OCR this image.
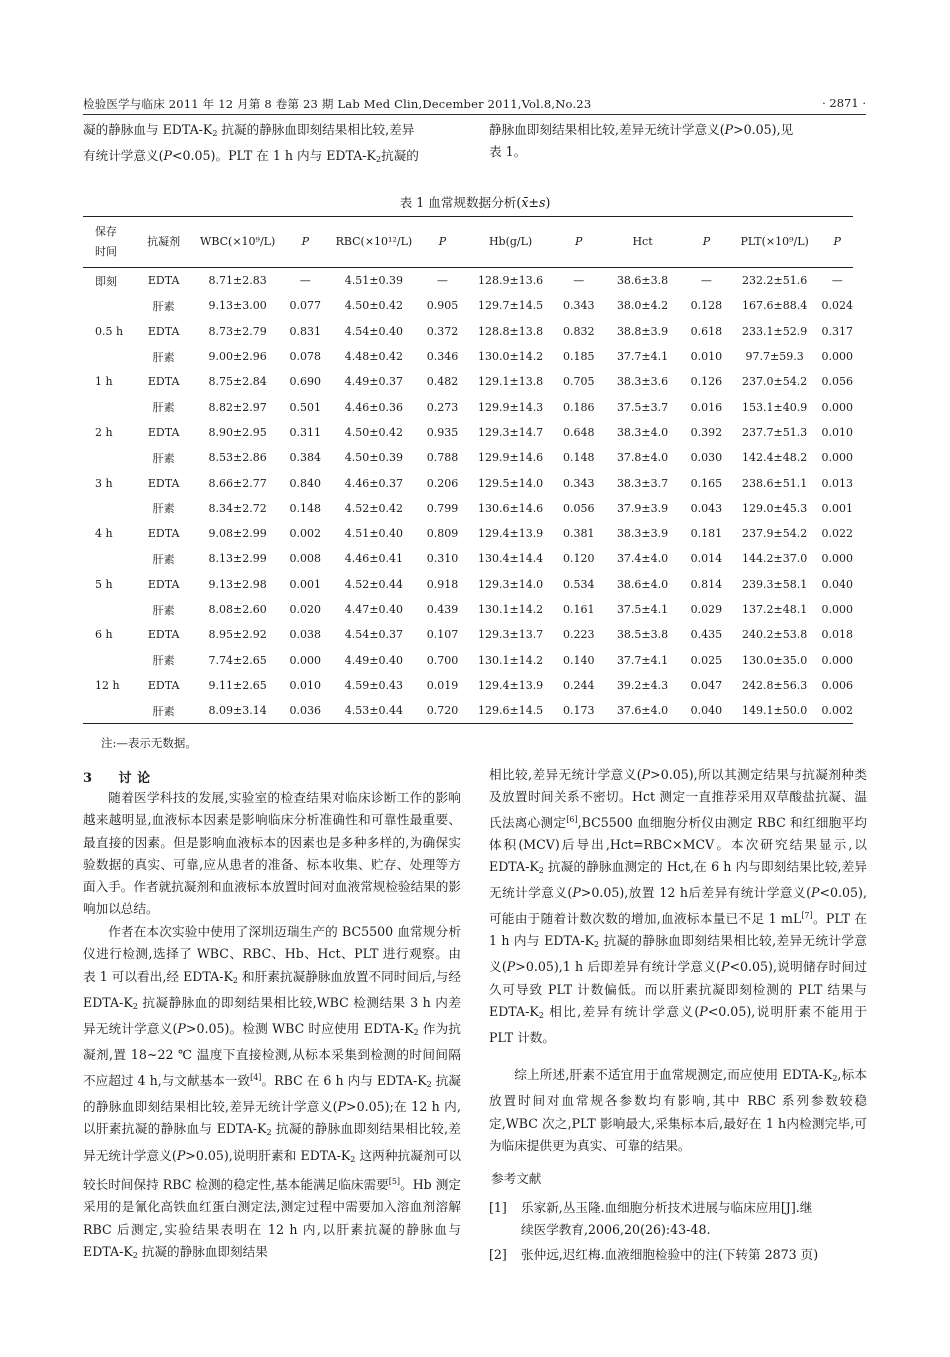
检验医学与临床 2011 年 12 月第 8 卷第 23 期 Lab Med Clin,December 2011,Vol.8,No.23	· 2871 ·
凝的静脉血与 EDTA-$K_2$ 抗凝的静脉血即刻结果相比较,差异
有统计学意义(P<0.05)。PLT 在 1 h 内与 EDTA-$K_2$抗凝的
静脉血即刻结果相比较,差异无统计学意义(P>0.05),见
表 1。
表 1 血常规数据分析(x̄±s)
保存
时间	抗凝剂	WBC(×10⁹/L)	P	RBC(×10¹²/L)	P	Hb(g/L)	P	Hct	P	PLT(×10⁹/L)	P
即刻	EDTA	8.71±2.83	—	4.51±0.39	—	128.9±13.6	—	38.6±3.8	—	232.2±51.6	—
	肝素	9.13±3.00	0.077	4.50±0.42	0.905	129.7±14.5	0.343	38.0±4.2	0.128	167.6±88.4	0.024
0.5 h	EDTA	8.73±2.79	0.831	4.54±0.40	0.372	128.8±13.8	0.832	38.8±3.9	0.618	233.1±52.9	0.317
	肝素	9.00±2.96	0.078	4.48±0.42	0.346	130.0±14.2	0.185	37.7±4.1	0.010	97.7±59.3	0.000
1 h	EDTA	8.75±2.84	0.690	4.49±0.37	0.482	129.1±13.8	0.705	38.3±3.6	0.126	237.0±54.2	0.056
	肝素	8.82±2.97	0.501	4.46±0.36	0.273	129.9±14.3	0.186	37.5±3.7	0.016	153.1±40.9	0.000
2 h	EDTA	8.90±2.95	0.311	4.50±0.42	0.935	129.3±14.7	0.648	38.3±4.0	0.392	237.7±51.3	0.010
	肝素	8.53±2.86	0.384	4.50±0.39	0.788	129.9±14.6	0.148	37.8±4.0	0.030	142.4±48.2	0.000
3 h	EDTA	8.66±2.77	0.840	4.46±0.37	0.206	129.5±14.0	0.343	38.3±3.7	0.165	238.6±51.1	0.013
	肝素	8.34±2.72	0.148	4.52±0.42	0.799	130.6±14.6	0.056	37.9±3.9	0.043	129.0±45.3	0.001
4 h	EDTA	9.08±2.99	0.002	4.51±0.40	0.809	129.4±13.9	0.381	38.3±3.9	0.181	237.9±54.2	0.022
	肝素	8.13±2.99	0.008	4.46±0.41	0.310	130.4±14.4	0.120	37.4±4.0	0.014	144.2±37.0	0.000
5 h	EDTA	9.13±2.98	0.001	4.52±0.44	0.918	129.3±14.0	0.534	38.6±4.0	0.814	239.3±58.1	0.040
	肝素	8.08±2.60	0.020	4.47±0.40	0.439	130.1±14.2	0.161	37.5±4.1	0.029	137.2±48.1	0.000
6 h	EDTA	8.95±2.92	0.038	4.54±0.37	0.107	129.3±13.7	0.223	38.5±3.8	0.435	240.2±53.8	0.018
	肝素	7.74±2.65	0.000	4.49±0.40	0.700	130.1±14.2	0.140	37.7±4.1	0.025	130.0±35.0	0.000
12 h	EDTA	9.11±2.65	0.010	4.59±0.43	0.019	129.4±13.9	0.244	39.2±4.3	0.047	242.8±56.3	0.006
	肝素	8.09±3.14	0.036	4.53±0.44	0.720	129.6±14.5	0.173	37.6±4.0	0.040	149.1±50.0	0.002
注:—表示无数据。
3 讨 论
随着医学科技的发展,实验室的检查结果对临床诊断工作的影响越来越明显,血液标本因素是影响临床分析准确性和可靠性最重要、最直接的因素。但是影响血液标本的因素也是多种多样的,为确保实验数据的真实、可靠,应从患者的准备、标本收集、贮存、处理等方面入手。作者就抗凝剂和血液标本放置时间对血液常规检验结果的影响加以总结。
作者在本次实验中使用了深圳迈瑞生产的 BC5500 血常规分析仪进行检测,选择了 WBC、RBC、Hb、Hct、PLT 进行观察。由表 1 可以看出,经 EDTA-$K_2$ 和肝素抗凝静脉血放置不同时间后,与经 EDTA-$K_2$ 抗凝静脉血的即刻结果相比较,WBC 检测结果 3 h 内差异无统计学意义(P>0.05)。检测 WBC 时应使用 EDTA-$K_2$ 作为抗凝剂,置 18~22 ℃ 温度下直接检测,从标本采集到检测的时间间隔不应超过 4 h,与文献基本一致[4]。RBC 在 6 h 内与 EDTA-$K_2$ 抗凝的静脉血即刻结果相比较,差异无统计学意义(P>0.05);在 12 h 内,以肝素抗凝的静脉血与 EDTA-$K_2$ 抗凝的静脉血即刻结果相比较,差异无统计学意义(P>0.05),说明肝素和 EDTA-$K_2$ 这两种抗凝剂可以较长时间保持 RBC 检测的稳定性,基本能满足临床需要[5]。Hb 测定采用的是氰化高铁血红蛋白测定法,测定过程中需要加入溶血剂溶解 RBC 后测定,实验结果表明在 12 h 内,以肝素抗凝的静脉血与 EDTA-$K_2$ 抗凝的静脉血即刻结果
相比较,差异无统计学意义(P>0.05),所以其测定结果与抗凝剂种类及放置时间关系不密切。Hct 测定一直推荐采用双草酸盐抗凝、温氏法离心测定[6],BC5500 血细胞分析仪由测定 RBC 和红细胞平均体积(MCV)后导出,Hct=RBC×MCV。本次研究结果显示,以 EDTA-$K_2$ 抗凝的静脉血测定的 Hct,在 6 h 内与即刻结果比较,差异无统计学意义(P>0.05),放置 12 h后差异有统计学意义(P<0.05),可能由于随着计数次数的增加,血液标本量已不足 1 mL[7]。PLT 在 1 h 内与 EDTA-$K_2$ 抗凝的静脉血即刻结果相比较,差异无统计学意义(P>0.05),1 h 后即差异有统计学意义(P<0.05),说明储存时间过久可导致 PLT 计数偏低。而以肝素抗凝即刻检测的 PLT 结果与 EDTA-$K_2$ 相比,差异有统计学意义(P<0.05),说明肝素不能用于 PLT 计数。
综上所述,肝素不适宜用于血常规测定,而应使用 EDTA-$K_2$,标本放置时间对血常规各参数均有影响,其中 RBC 系列参数较稳定,WBC 次之,PLT 影响最大,采集标本后,最好在 1 h内检测完毕,可为临床提供更为真实、可靠的结果。
参考文献
[1] 乐家新,丛玉隆.血细胞分析技术进展与临床应用[J].继
续医学教育,2006,20(26):43-48.
[2] 张仲远,迟红梅.血液细胞检验中的注(下转第 2873 页)
